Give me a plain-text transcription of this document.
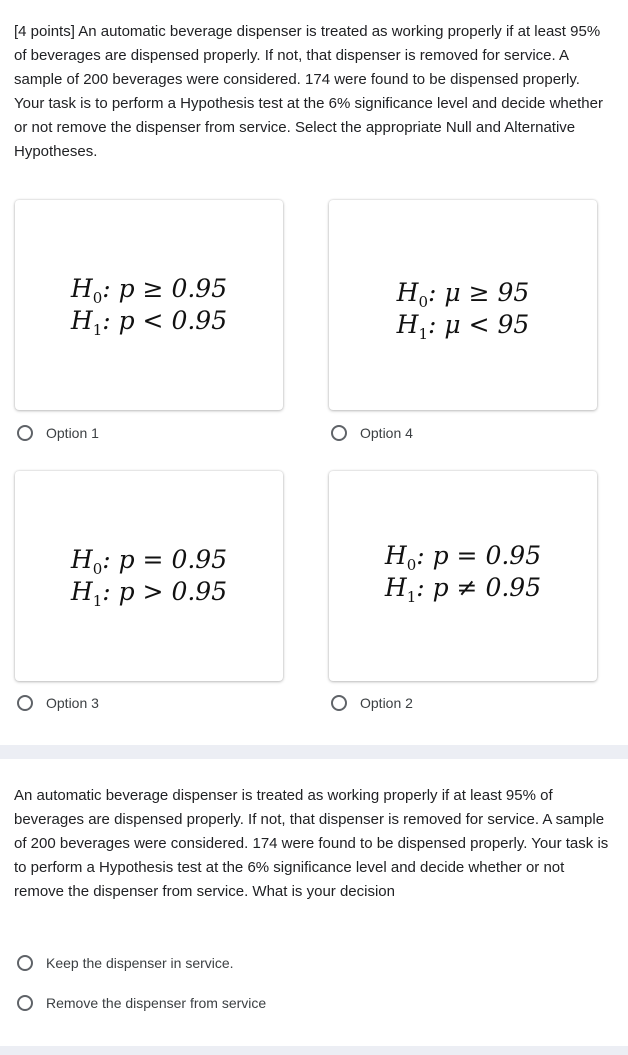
[4 points] An automatic beverage dispenser is treated as working properly if at least 95% of beverages are dispensed properly. If not, that dispenser is removed for service. A sample of 200 beverages were considered. 174 were found to be dispensed properly. Your task is to perform a Hypothesis test at the 6% significance level and decide whether or not remove the dispenser from service. Select the appropriate Null and Alternative Hypotheses.

$H_0$: p ≥ 0.95
$H_1$: p < 0.95
Option 1
$H_0$: μ ≥ 95
$H_1$: μ < 95
Option 4
$H_0$: p = 0.95
$H_1$: p > 0.95
Option 3
$H_0$: p = 0.95
$H_1$: p ≠ 0.95
Option 2

An automatic beverage dispenser is treated as working properly if at least 95% of beverages are dispensed properly. If not, that dispenser is removed for service. A sample of 200 beverages were considered. 174 were found to be dispensed properly. Your task is to perform a Hypothesis test at the 6% significance level and decide whether or not remove the dispenser from service. What is your decision

Keep the dispenser in service.
Remove the dispenser from service
